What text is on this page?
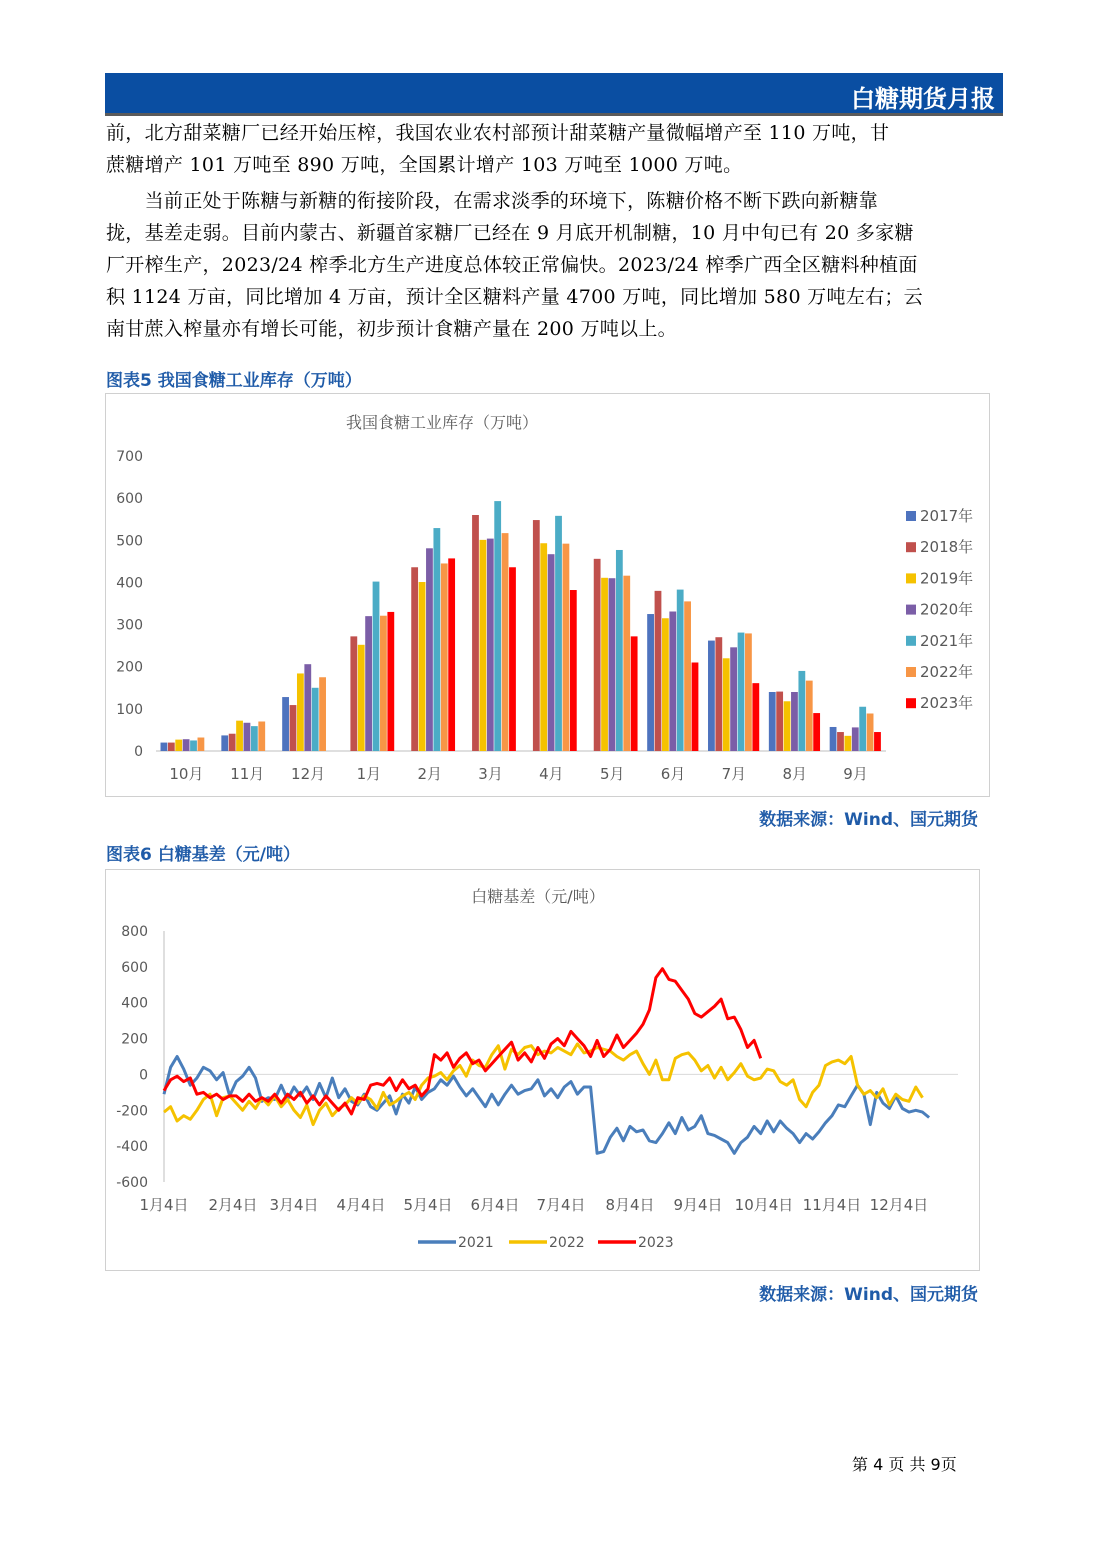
白糖期货月报
前，北方甜菜糖厂已经开始压榨，我国农业农村部预计甜菜糖产量微幅增产至 110 万吨，甘
蔗糖增产 101 万吨至 890 万吨，全国累计增产 103 万吨至 1000 万吨。
　　当前正处于陈糖与新糖的衔接阶段，在需求淡季的环境下，陈糖价格不断下跌向新糖靠
拢，基差走弱。目前内蒙古、新疆首家糖厂已经在 9 月底开机制糖，10 月中旬已有 20 多家糖
厂开榨生产，2023/24 榨季北方生产进度总体较正常偏快。2023/24 榨季广西全区糖料种植面
积 1124 万亩，同比增加 4 万亩，预计全区糖料产量 4700 万吨，同比增加 580 万吨左右；云
南甘蔗入榨量亦有增长可能，初步预计食糖产量在 200 万吨以上。
图表5 我国食糖工业库存（万吨）
我国食糖工业库存（万吨）
0
100
200
300
400
500
600
700
10月 11月 12月 1月 2月 3月 4月 5月 6月 7月 8月 9月
2017年
2018年
2019年
2020年
2021年
2022年
2023年
数据来源：Wind、国元期货
图表6 白糖基差（元/吨）
白糖基差（元/吨）
-600
-400
-200
0
200
400
600
800
1月4日 2月4日 3月4日 4月4日 5月4日 6月4日 7月4日 8月4日 9月4日 10月4日 11月4日 12月4日
2021	2022	2023
数据来源：Wind、国元期货
第 4 页 共 9页
